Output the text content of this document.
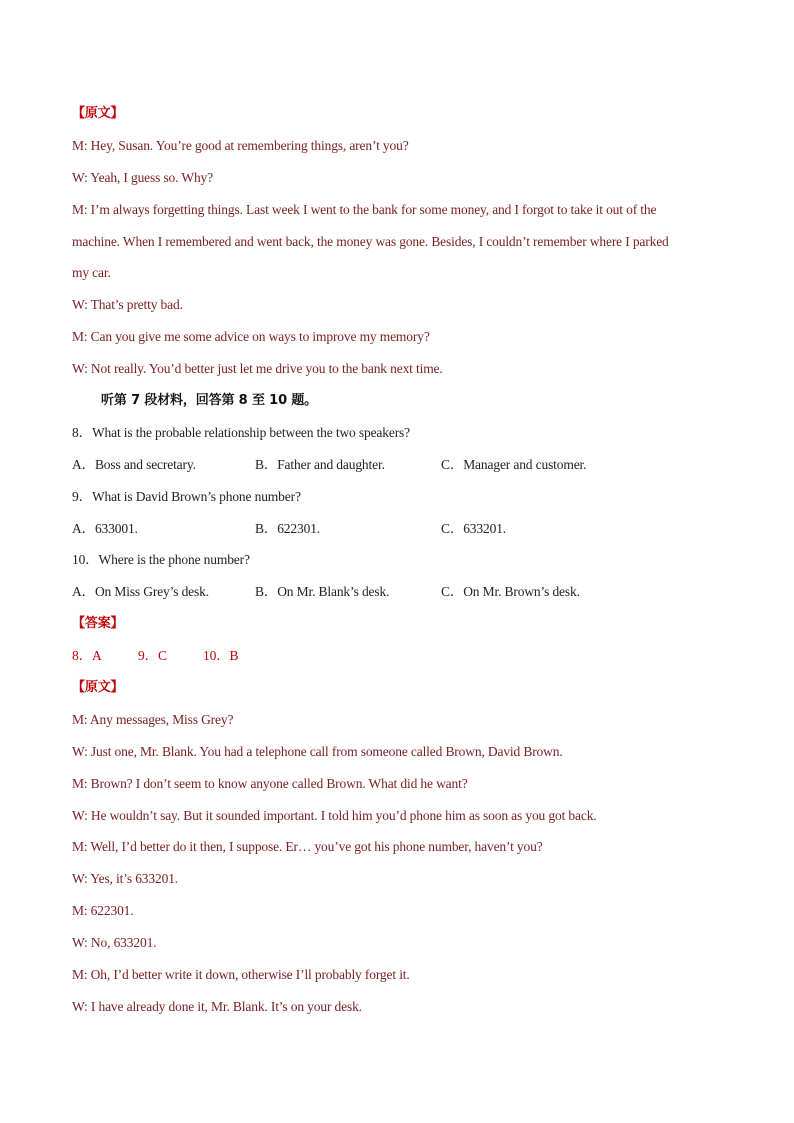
【原文】
M: Hey, Susan. You’re good at remembering things, aren’t you?
W: Yeah, I guess so. Why?
M: I’m always forgetting things. Last week I went to the bank for some money, and I forgot to take it out of the
machine. When I remembered and went back, the money was gone. Besides, I couldn’t remember where I parked
my car.
W: That’s pretty bad.
M: Can you give me some advice on ways to improve my memory?
W: Not really. You’d better just let me drive you to the bank next time.
听第 7 段材料，回答第 8 至 10 题。
8．What is the probable relationship between the two speakers?
A．Boss and secretary.	B．Father and daughter.	C．Manager and customer.
9．What is David Brown’s phone number?
A．633001.	B．622301.	C．633201.
10．Where is the phone number?
A．On Miss Grey’s desk.	B．On Mr. Blank’s desk.	C．On Mr. Brown’s desk.
【答案】
8．A	9．C	10．B
【原文】
M: Any messages, Miss Grey?
W: Just one, Mr. Blank. You had a telephone call from someone called Brown, David Brown.
M: Brown? I don’t seem to know anyone called Brown. What did he want?
W: He wouldn’t say. But it sounded important. I told him you’d phone him as soon as you got back.
M: Well, I’d better do it then, I suppose. Er… you’ve got his phone number, haven’t you?
W: Yes, it’s 633201.
M: 622301.
W: No, 633201.
M: Oh, I’d better write it down, otherwise I’ll probably forget it.
W: I have already done it, Mr. Blank. It’s on your desk.
